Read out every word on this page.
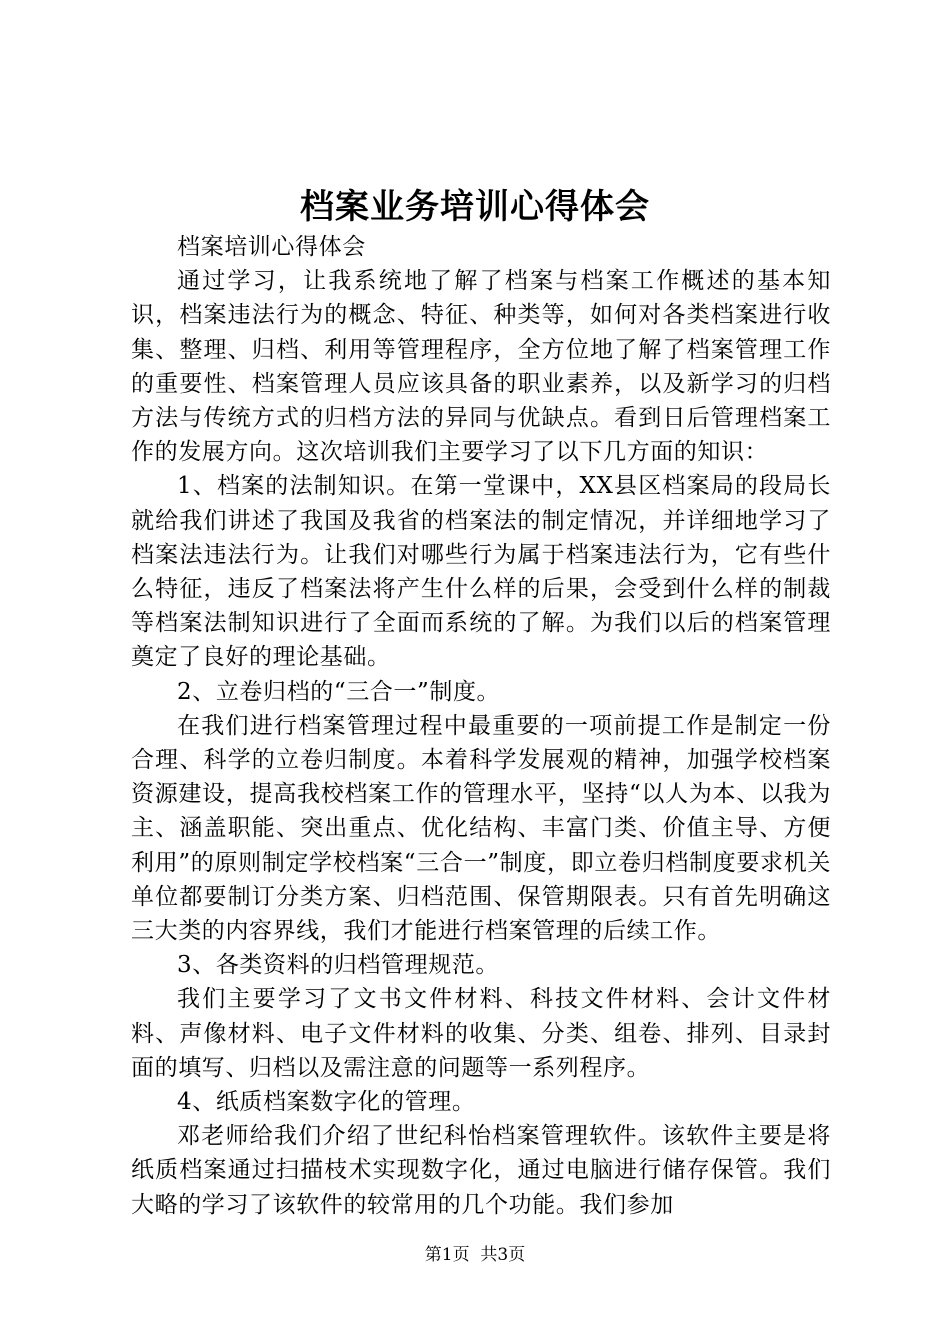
档案业务培训心得体会

档案培训心得体会

通过学习，让我系统地了解了档案与档案工作概述的基本知识，档案违法行为的概念、特征、种类等，如何对各类档案进行收集、整理、归档、利用等管理程序，全方位地了解了档案管理工作的重要性、档案管理人员应该具备的职业素养，以及新学习的归档方法与传统方式的归档方法的异同与优缺点。看到日后管理档案工作的发展方向。这次培训我们主要学习了以下几方面的知识：

1、档案的法制知识。在第一堂课中，XX县区档案局的段局长就给我们讲述了我国及我省的档案法的制定情况，并详细地学习了档案法违法行为。让我们对哪些行为属于档案违法行为，它有些什么特征，违反了档案法将产生什么样的后果，会受到什么样的制裁等档案法制知识进行了全面而系统的了解。为我们以后的档案管理奠定了良好的理论基础。

2、立卷归档的“三合一”制度。

在我们进行档案管理过程中最重要的一项前提工作是制定一份合理、科学的立卷归制度。本着科学发展观的精神，加强学校档案资源建设，提高我校档案工作的管理水平，坚持“以人为本、以我为主、涵盖职能、突出重点、优化结构、丰富门类、价值主导、方便利用”的原则制定学校档案“三合一”制度，即立卷归档制度要求机关单位都要制订分类方案、归档范围、保管期限表。只有首先明确这三大类的内容界线，我们才能进行档案管理的后续工作。

3、各类资料的归档管理规范。

我们主要学习了文书文件材料、科技文件材料、会计文件材料、声像材料、电子文件材料的收集、分类、组卷、排列、目录封面的填写、归档以及需注意的问题等一系列程序。

4、纸质档案数字化的管理。

邓老师给我们介绍了世纪科怡档案管理软件。该软件主要是将纸质档案通过扫描枝术实现数字化，通过电脑进行储存保管。我们大略的学习了该软件的较常用的几个功能。我们参加

第1页  共3页
